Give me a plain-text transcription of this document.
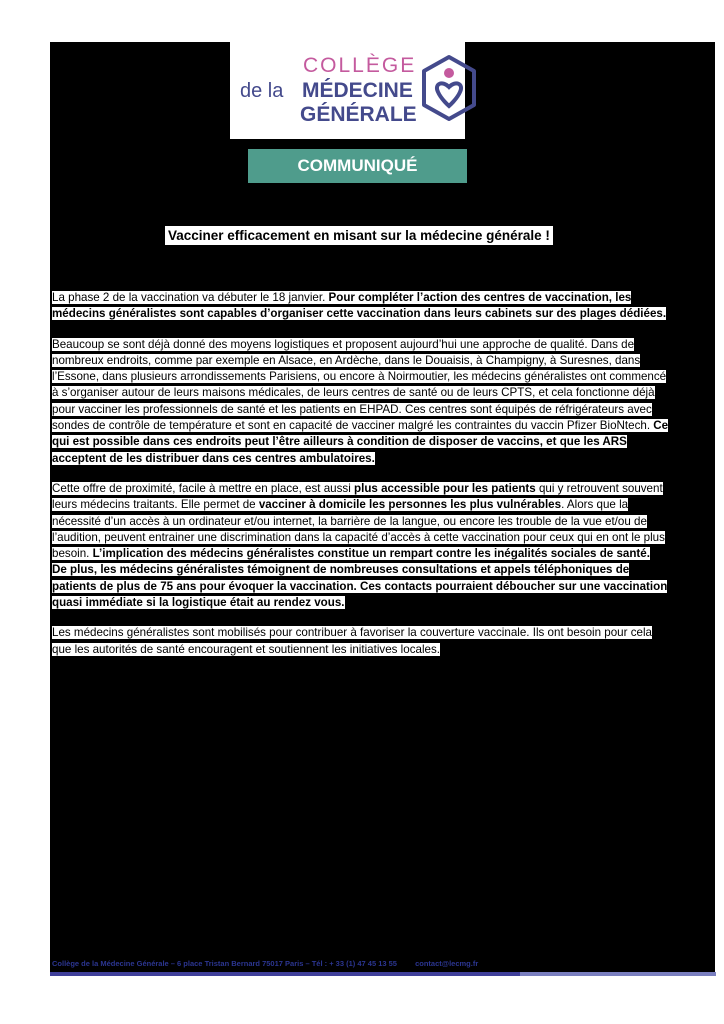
COLLÈGE
de la MÉDECINE
GÉNÉRALE
COMMUNIQUÉ
Vacciner efficacement en misant sur la médecine générale !

La phase 2 de la vaccination va débuter le 18 janvier. Pour compléter l’action des centres de vaccination, les médecins généralistes sont capables d’organiser cette vaccination dans leurs cabinets sur des plages dédiées.

Beaucoup se sont déjà donné des moyens logistiques et proposent aujourd’hui une approche de qualité. Dans de nombreux endroits, comme par exemple en Alsace, en Ardèche, dans le Douaisis, à Champigny, à Suresnes, dans l’Essone, dans plusieurs arrondissements Parisiens, ou encore à Noirmoutier, les médecins généralistes ont commencé à s’organiser autour de leurs maisons médicales, de leurs centres de santé ou de leurs CPTS, et cela fonctionne déjà pour vacciner les professionnels de santé et les patients en EHPAD. Ces centres sont équipés de réfrigérateurs avec sondes de contrôle de température et sont en capacité de vacciner malgré les contraintes du vaccin Pfizer BioNtech. Ce qui est possible dans ces endroits peut l’être ailleurs à condition de disposer de vaccins, et que les ARS acceptent de les distribuer dans ces centres ambulatoires.

Cette offre de proximité, facile à mettre en place, est aussi plus accessible pour les patients qui y retrouvent souvent leurs médecins traitants. Elle permet de vacciner à domicile les personnes les plus vulnérables. Alors que la nécessité d’un accès à un ordinateur et/ou internet, la barrière de la langue, ou encore les trouble de la vue et/ou de l’audition, peuvent entrainer une discrimination dans la capacité d’accès à cette vaccination pour ceux qui en ont le plus besoin. L’implication des médecins généralistes constitue un rempart contre les inégalités sociales de santé.
De plus, les médecins généralistes témoignent de nombreuses consultations et appels téléphoniques de patients de plus de 75 ans pour évoquer la vaccination. Ces contacts pourraient déboucher sur une vaccination quasi immédiate si la logistique était au rendez vous.

Les médecins généralistes sont mobilisés pour contribuer à favoriser la couverture vaccinale. Ils ont besoin pour cela que les autorités de santé encouragent et soutiennent les initiatives locales.

Collège de la Médecine Générale – 6 place Tristan Bernard 75017 Paris – Tél : + 33 (1) 47 45 13 55 contact@lecmg.fr
